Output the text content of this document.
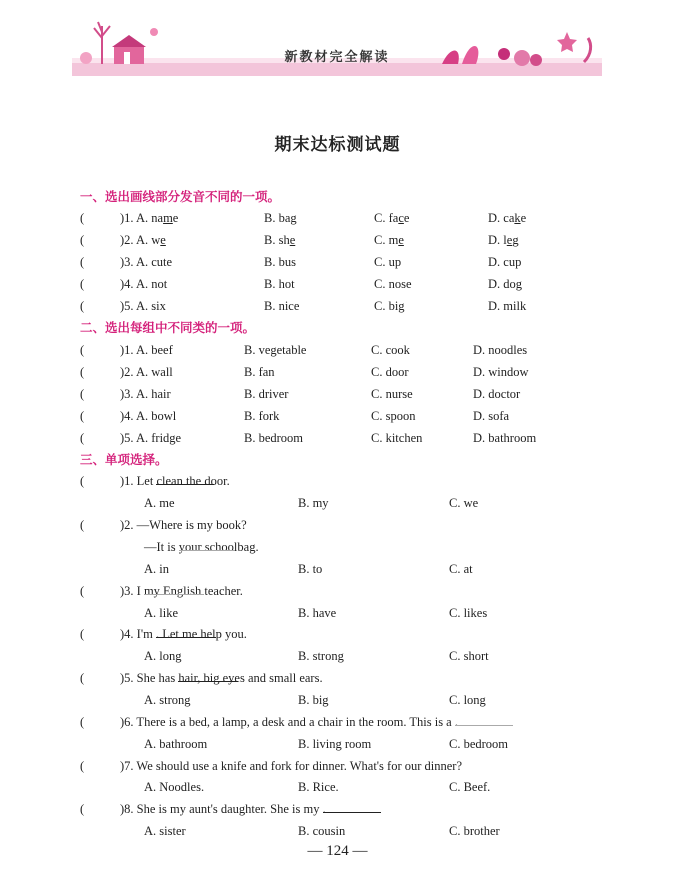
新教材完全解读
期末达标测试题
一、选出画线部分发音不同的一项。
(	)1. A. name	B. bag	C. face	D. cake
(	)2. A. we	B. she	C. me	D. leg
(	)3. A. cute	B. bus	C. up	D. cup
(	)4. A. not	B. hot	C. nose	D. dog
(	)5. A. six	B. nice	C. big	D. milk
二、选出每组中不同类的一项。
(	)1. A. beef	B. vegetable	C. cook	D. noodles
(	)2. A. wall	B. fan	C. door	D. window
(	)3. A. hair	B. driver	C. nurse	D. doctor
(	)4. A. bowl	B. fork	C. spoon	D. sofa
(	)5. A. fridge	B. bedroom	C. kitchen	D. bathroom
三、单项选择。
(	)1. Let
clean the door.
A. me	B. my	C. we
(	)2. —Where is my book?
—It is
your schoolbag.
A. in	B. to	C. at
(	)3. I
my English teacher.
A. like	B. have	C. likes
(	)4. I'm
. Let me help you.
A. long	B. strong	C. short
(	)5. She has
hair, big eyes and small ears.
A. strong	B. big	C. long
(	)6. There is a bed, a lamp, a desk and a chair in the room. This is a
.
A. bathroom	B. living room	C. bedroom
(	)7. We should use a knife and fork for dinner. What's for our dinner?
A. Noodles.	B. Rice.	C. Beef.
(	)8. She is my aunt's daughter. She is my
.
A. sister	B. cousin	C. brother
— 124 —
